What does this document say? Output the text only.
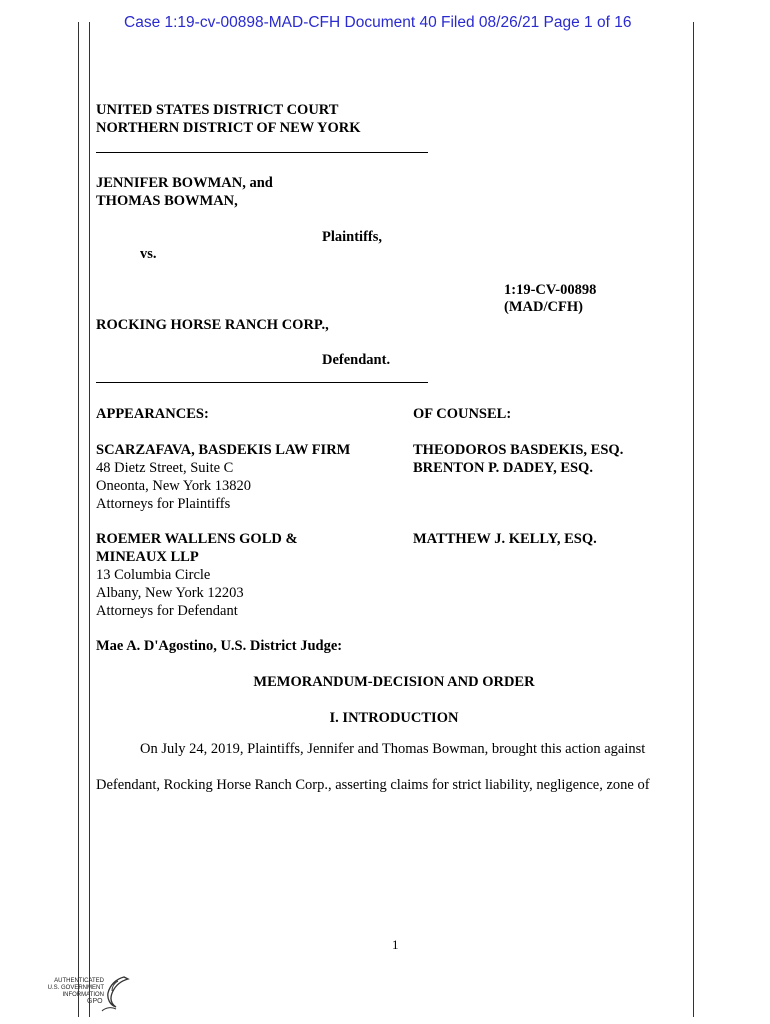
Case 1:19-cv-00898-MAD-CFH Document 40 Filed 08/26/21 Page 1 of 16
UNITED STATES DISTRICT COURT
NORTHERN DISTRICT OF NEW YORK
JENNIFER BOWMAN, and
THOMAS BOWMAN,
Plaintiffs,
vs.
1:19-CV-00898
(MAD/CFH)
ROCKING HORSE RANCH CORP.,
Defendant.
APPEARANCES:	OF COUNSEL:
SCARZAFAVA, BASDEKIS LAW FIRM
48 Dietz Street, Suite C
Oneonta, New York 13820
Attorneys for Plaintiffs
THEODOROS BASDEKIS, ESQ.
BRENTON P. DADEY, ESQ.
ROEMER WALLENS GOLD &
MINEAUX LLP
13 Columbia Circle
Albany, New York 12203
Attorneys for Defendant
MATTHEW J. KELLY, ESQ.
Mae A. D'Agostino, U.S. District Judge:
MEMORANDUM-DECISION AND ORDER
I. INTRODUCTION
On July 24, 2019, Plaintiffs, Jennifer and Thomas Bowman, brought this action against
Defendant, Rocking Horse Ranch Corp., asserting claims for strict liability, negligence, zone of
1
AUTHENTICATED
U.S. GOVERNMENT
INFORMATION
GPO
